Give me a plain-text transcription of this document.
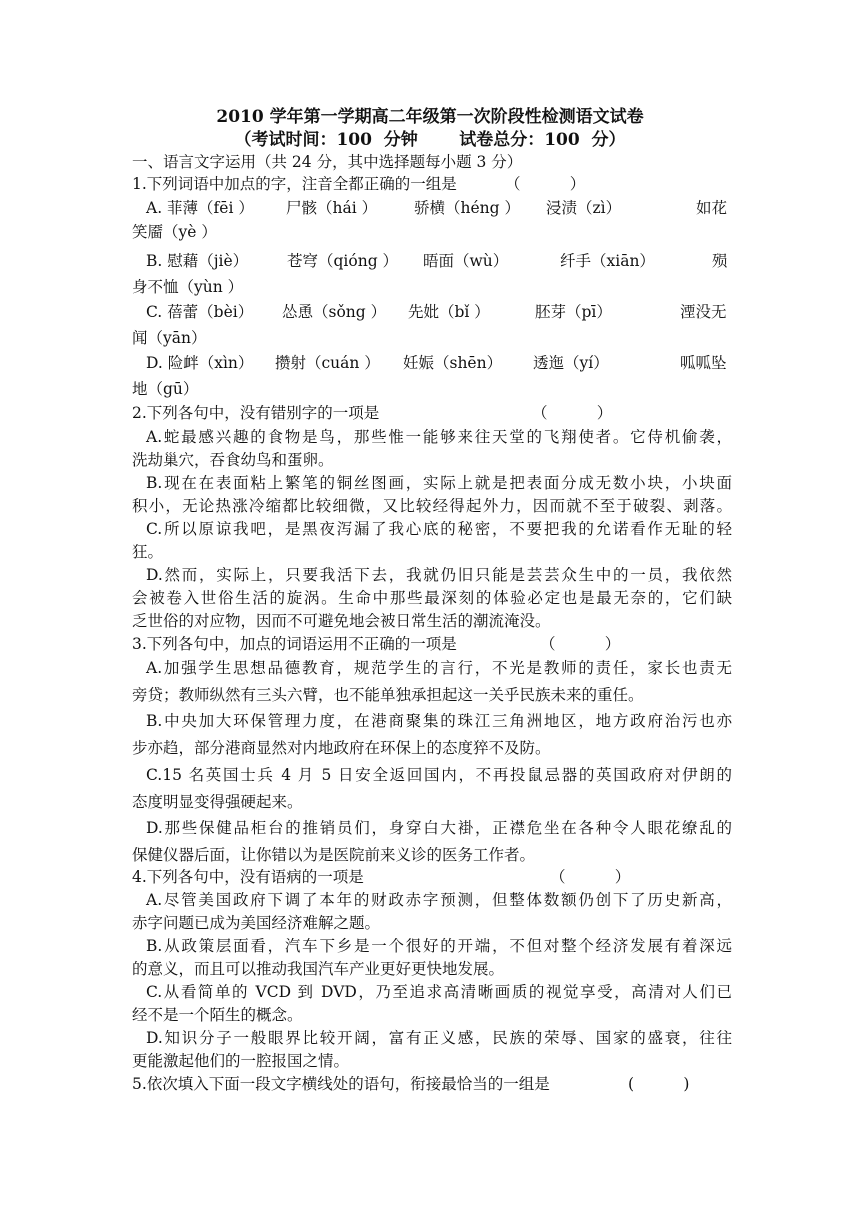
2010 学年第一学期高二年级第一次阶段性检测语文试卷
（考试时间：100  分钟       试卷总分：100  分）
一、语言文字运用（共 24 分，其中选择题每小题 3 分）
1.下列词语中加点的字，注音全都正确的一组是	（          ）
A. 菲薄（fēi ） 尸骸（hái ） 骄横（héng ） 浸渍（zì）	如花
笑靥（yè ）
B. 慰藉（jiè）	苍穹（qióng ） 晤面（wù）	纤手（xiān）	殒
身不恤（yùn ）
C. 蓓蕾（bèi） 怂恿（sǒng ） 先妣（bǐ ）	胚芽（pī）	湮没无
闻（yān）
D. 险衅（xìn） 攒射（cuán ） 妊娠（shēn） 透迤（yí）	呱呱坠
地（gū）
2.下列各句中，没有错别字的一项是	（          ）
A.蛇最感兴趣的食物是鸟，那些惟一能够来往天堂的飞翔使者。它侍机偷袭，
洗劫巢穴，吞食幼鸟和蛋卵。
B.现在在表面粘上繁笔的铜丝图画，实际上就是把表面分成无数小块，小块面
积小，无论热涨冷缩都比较细微，又比较经得起外力，因而就不至于破裂、剥落。
C.所以原谅我吧，是黑夜泻漏了我心底的秘密，不要把我的允诺看作无耻的轻
狂。
D.然而，实际上，只要我活下去，我就仍旧只能是芸芸众生中的一员，我依然
会被卷入世俗生活的旋涡。生命中那些最深刻的体验必定也是最无奈的，它们缺
乏世俗的对应物，因而不可避免地会被日常生活的潮流淹没。
3.下列各句中，加点的词语运用不正确的一项是	（          ）
A.加强学生思想品德教育，规范学生的言行，不光是教师的责任，家长也责无
旁贷；教师纵然有三头六臂，也不能单独承担起这一关乎民族未来的重任。
B.中央加大环保管理力度，在港商聚集的珠江三角洲地区，地方政府治污也亦
步亦趋，部分港商显然对内地政府在环保上的态度猝不及防。
C.15 名英国士兵 4 月 5 日安全返回国内，不再投鼠忌器的英国政府对伊朗的
态度明显变得强硬起来。
D.那些保健品柜台的推销员们，身穿白大褂，正襟危坐在各种令人眼花缭乱的
保健仪器后面，让你错以为是医院前来义诊的医务工作者。
4.下列各句中，没有语病的一项是	（          ）
A.尽管美国政府下调了本年的财政赤字预测，但整体数额仍创下了历史新高，
赤字问题已成为美国经济难解之题。
B.从政策层面看，汽车下乡是一个很好的开端，不但对整个经济发展有着深远
的意义，而且可以推动我国汽车产业更好更快地发展。
C.从看简单的 VCD 到 DVD，乃至追求高清晰画质的视觉享受，高清对人们已
经不是一个陌生的概念。
D.知识分子一般眼界比较开阔，富有正义感，民族的荣辱、国家的盛衰，往往
更能激起他们的一腔报国之情。
5.依次填入下面一段文字横线处的语句，衔接最恰当的一组是	(          )
